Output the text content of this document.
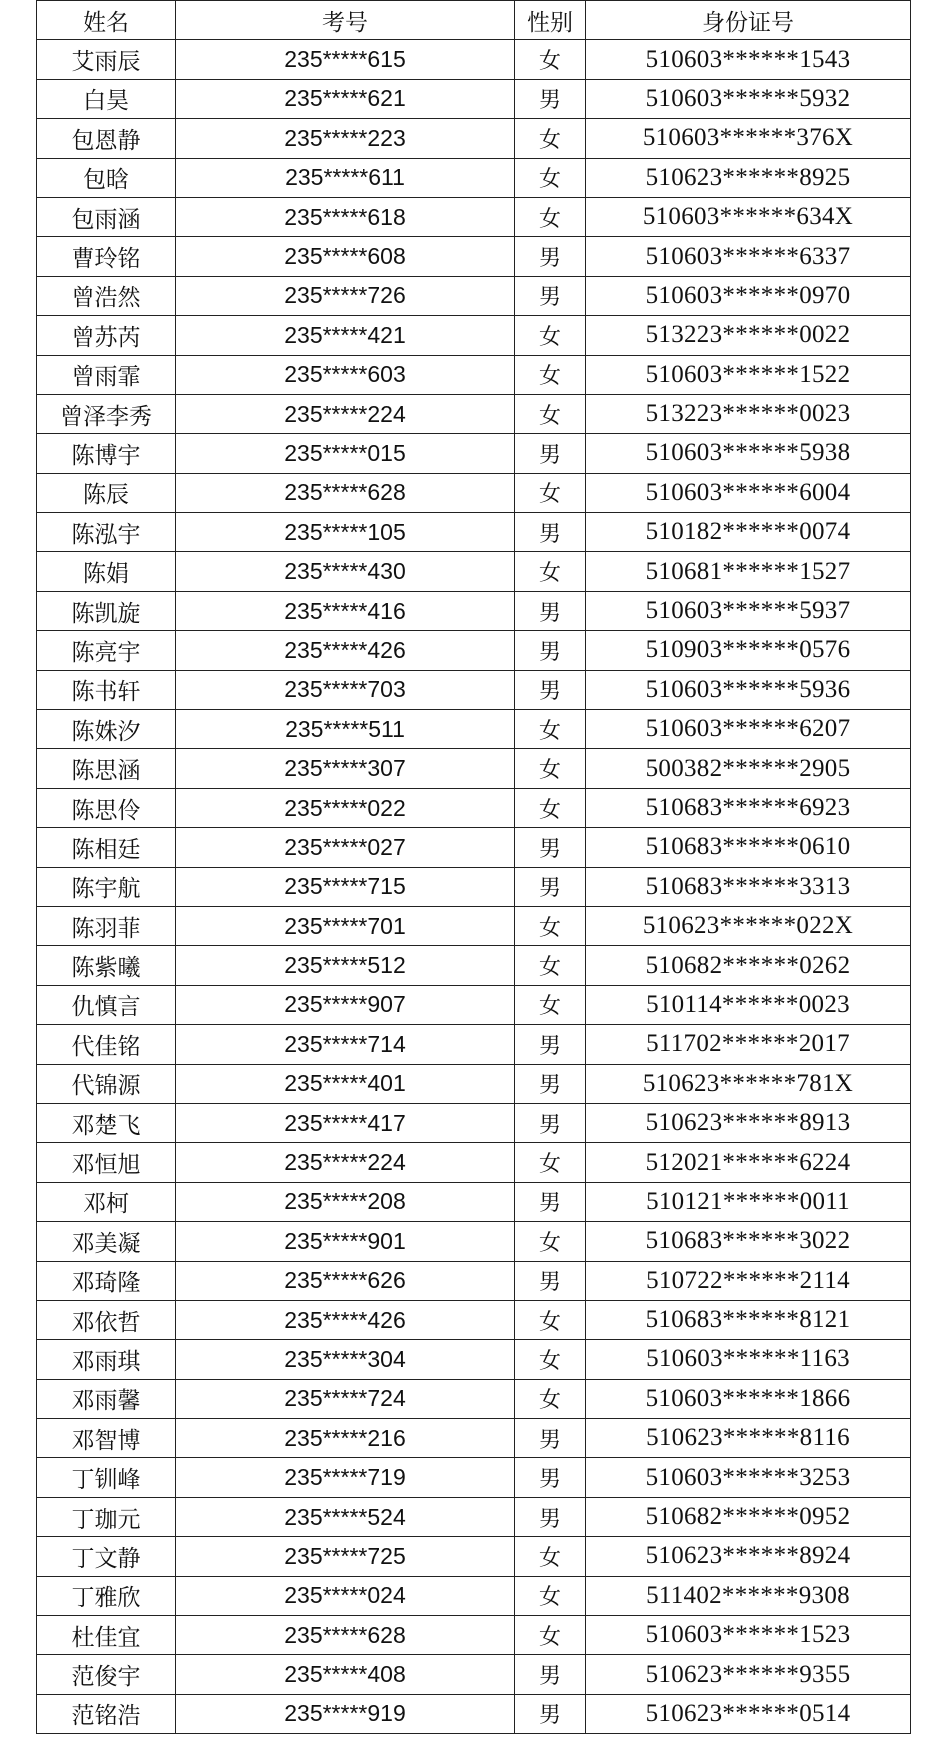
姓名	考号	性别	身份证号
艾雨辰	235*****615	女	510603******1543
白昊	235*****621	男	510603******5932
包恩静	235*****223	女	510603******376X
包晗	235*****611	女	510623******8925
包雨涵	235*****618	女	510603******634X
曹玲铭	235*****608	男	510603******6337
曾浩然	235*****726	男	510603******0970
曾苏芮	235*****421	女	513223******0022
曾雨霏	235*****603	女	510603******1522
曾泽李秀	235*****224	女	513223******0023
陈博宇	235*****015	男	510603******5938
陈辰	235*****628	女	510603******6004
陈泓宇	235*****105	男	510182******0074
陈娟	235*****430	女	510681******1527
陈凯旋	235*****416	男	510603******5937
陈亮宇	235*****426	男	510903******0576
陈书轩	235*****703	男	510603******5936
陈姝汐	235*****511	女	510603******6207
陈思涵	235*****307	女	500382******2905
陈思伶	235*****022	女	510683******6923
陈相廷	235*****027	男	510683******0610
陈宇航	235*****715	男	510683******3313
陈羽菲	235*****701	女	510623******022X
陈紫曦	235*****512	女	510682******0262
仇慎言	235*****907	女	510114******0023
代佳铭	235*****714	男	511702******2017
代锦源	235*****401	男	510623******781X
邓楚飞	235*****417	男	510623******8913
邓恒旭	235*****224	女	512021******6224
邓柯	235*****208	男	510121******0011
邓美凝	235*****901	女	510683******3022
邓琦隆	235*****626	男	510722******2114
邓依哲	235*****426	女	510683******8121
邓雨琪	235*****304	女	510603******1163
邓雨馨	235*****724	女	510603******1866
邓智博	235*****216	男	510623******8116
丁钏峰	235*****719	男	510603******3253
丁珈元	235*****524	男	510682******0952
丁文静	235*****725	女	510623******8924
丁雅欣	235*****024	女	511402******9308
杜佳宜	235*****628	女	510603******1523
范俊宇	235*****408	男	510623******9355
范铭浩	235*****919	男	510623******0514
